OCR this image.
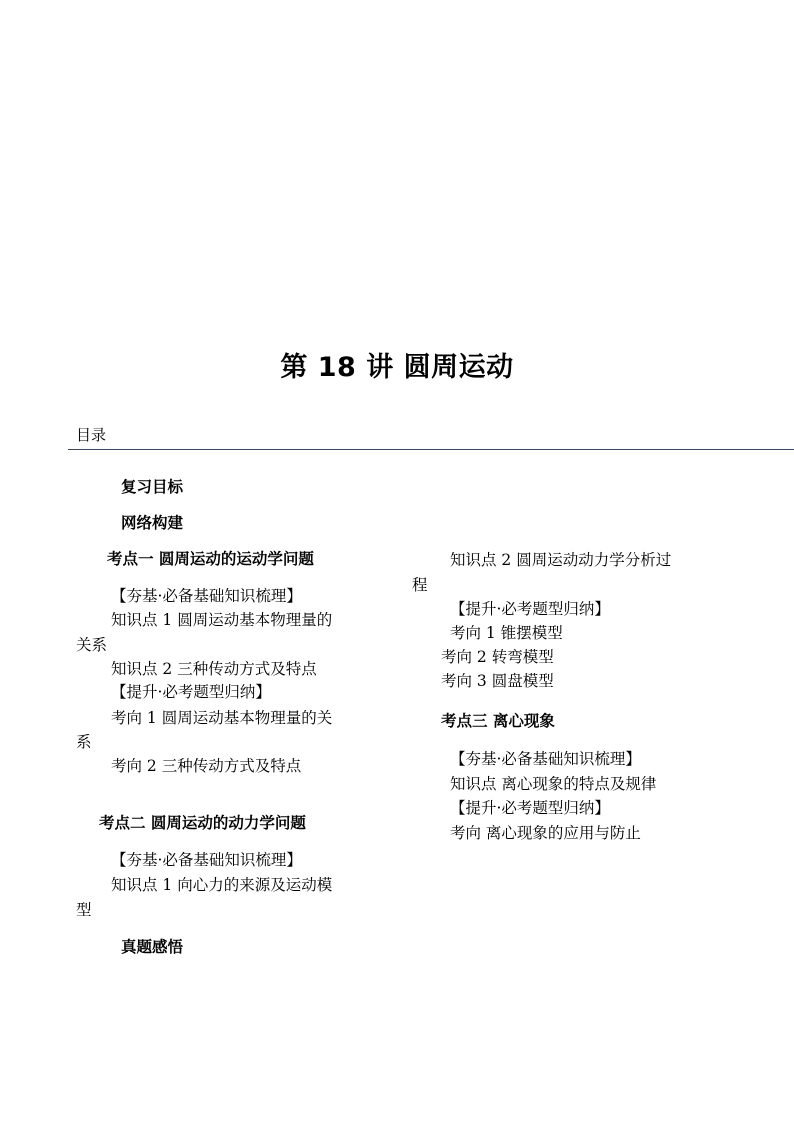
第 18 讲 圆周运动
目录
复习目标
网络构建
考点一 圆周运动的运动学问题
【夯基·必备基础知识梳理】
知识点 1 圆周运动基本物理量的
关系
知识点 2 三种传动方式及特点
【提升·必考题型归纳】
考向 1 圆周运动基本物理量的关
系
考向 2 三种传动方式及特点
考点二 圆周运动的动力学问题
【夯基·必备基础知识梳理】
知识点 1 向心力的来源及运动模
型
真题感悟
知识点 2 圆周运动动力学分析过
程
【提升·必考题型归纳】
考向 1 锥摆模型
考向 2 转弯模型
考向 3 圆盘模型
考点三 离心现象
【夯基·必备基础知识梳理】
知识点 离心现象的特点及规律
【提升·必考题型归纳】
考向 离心现象的应用与防止
